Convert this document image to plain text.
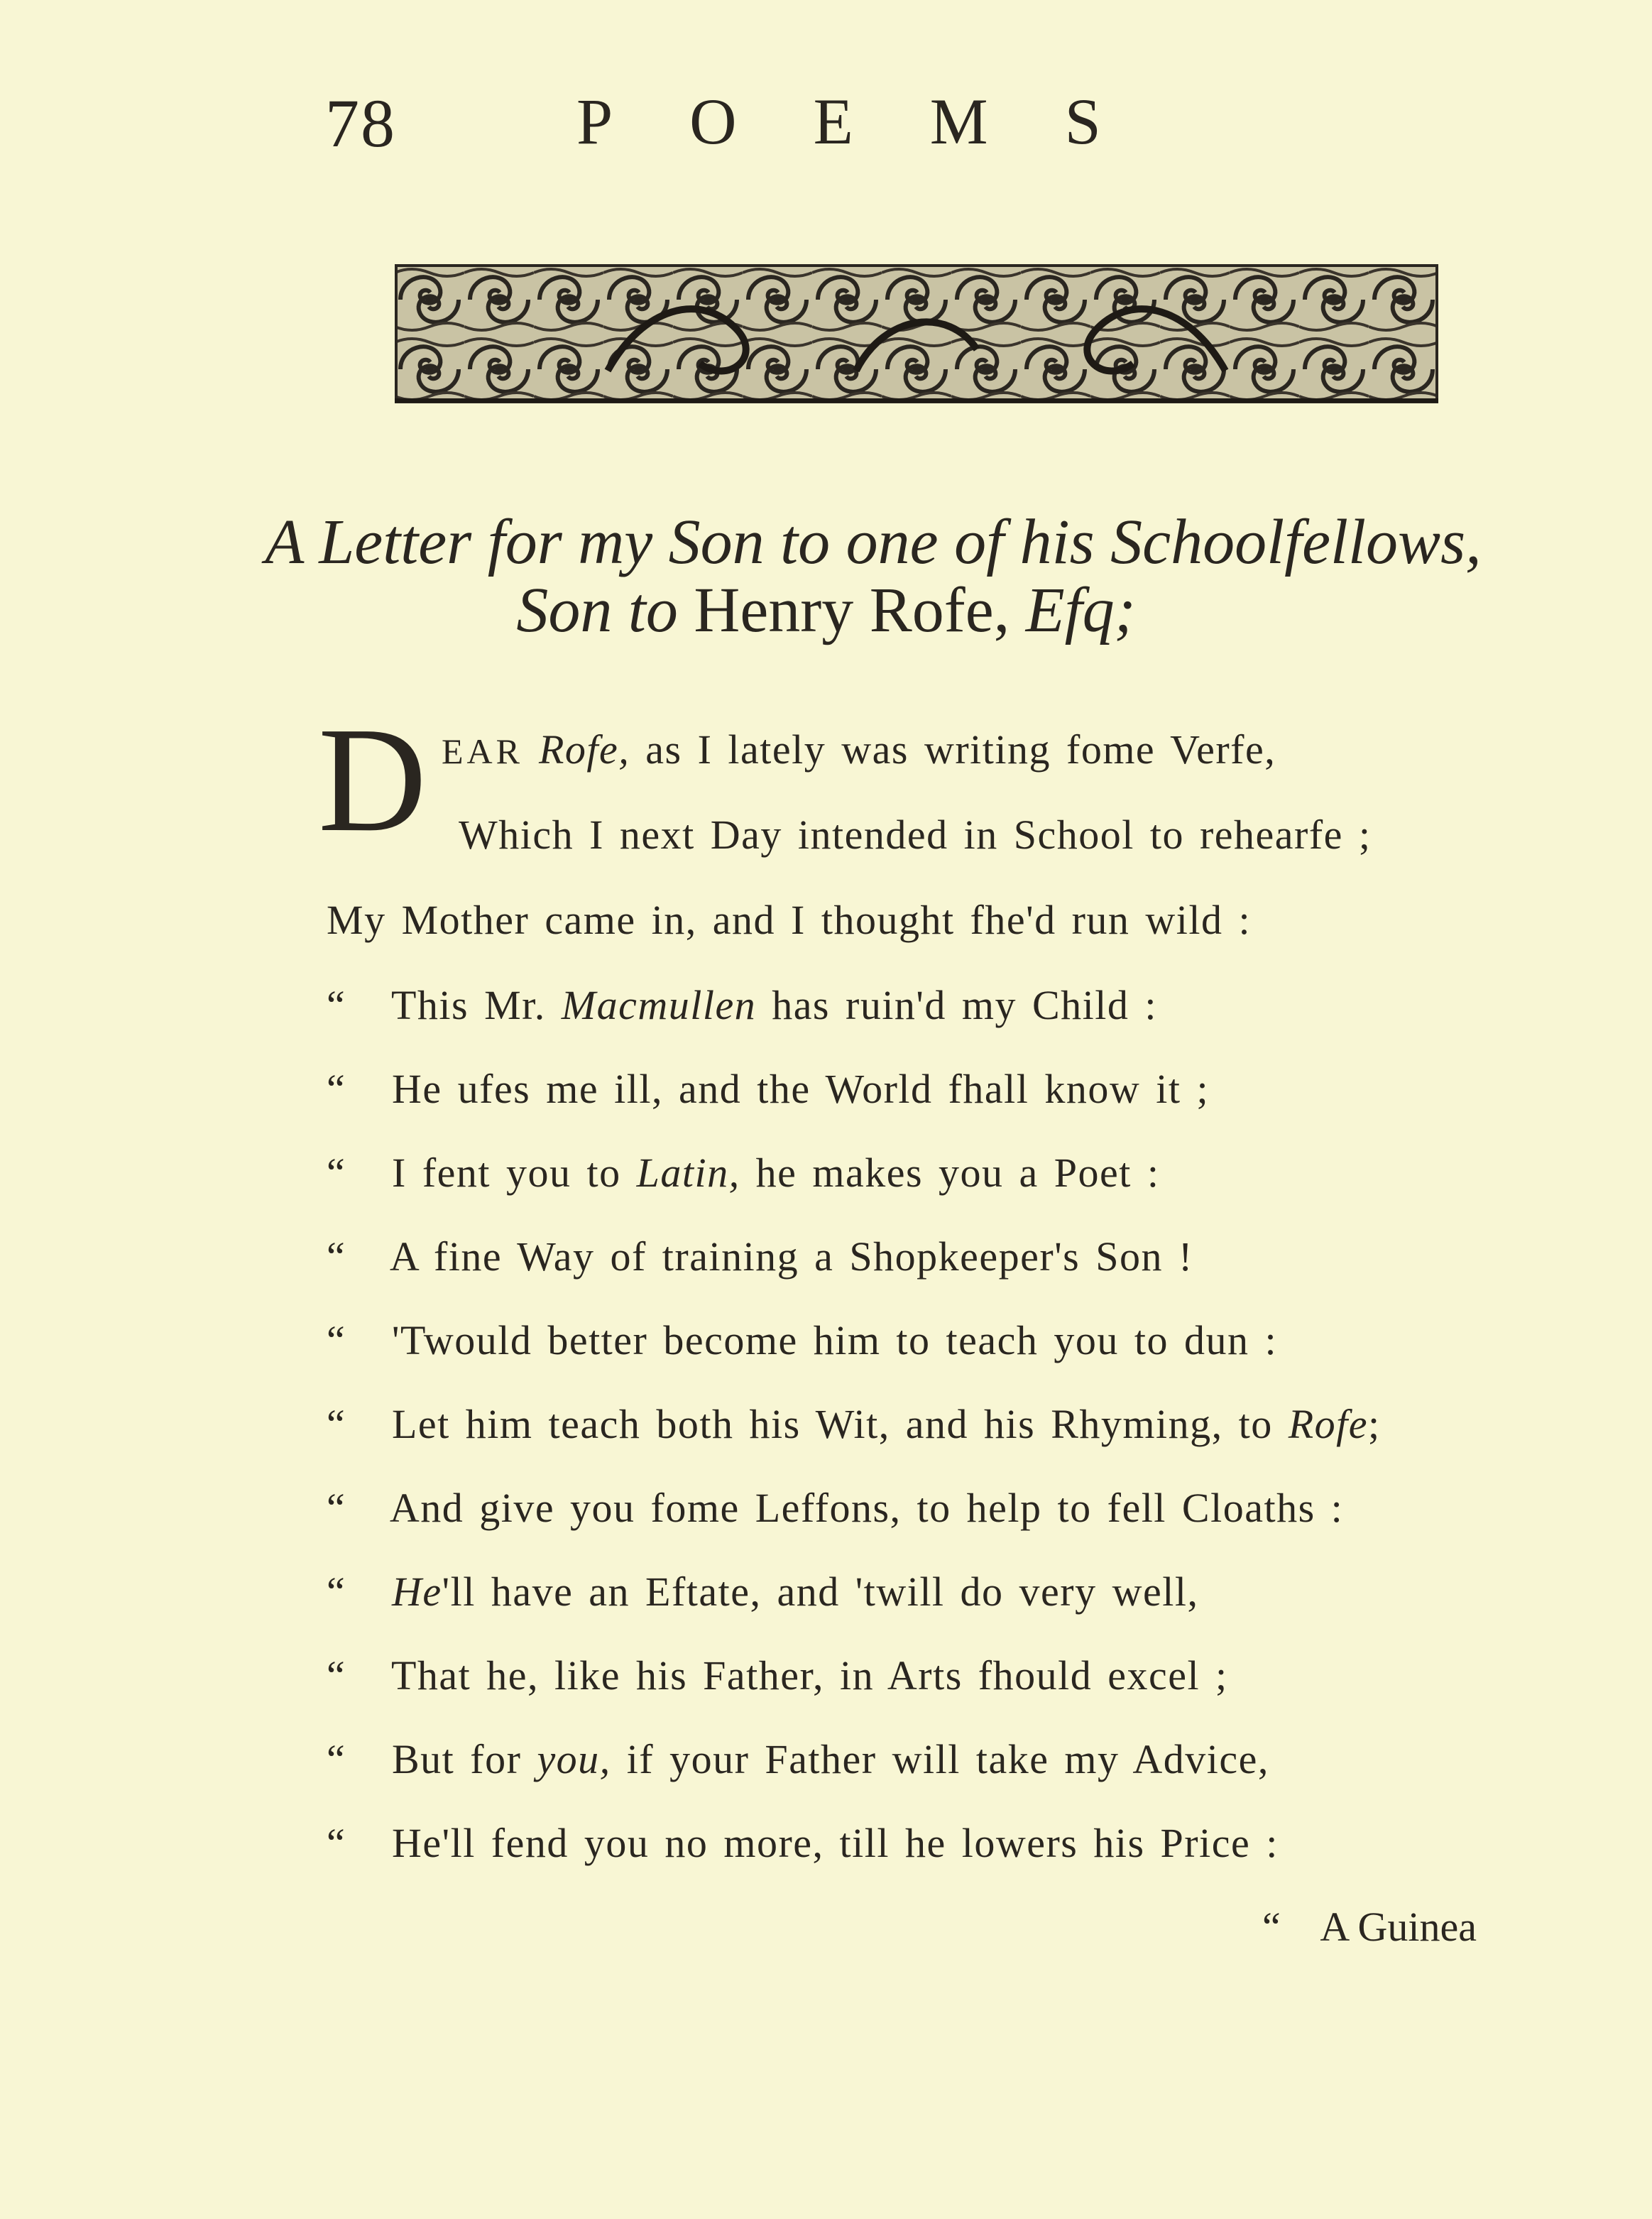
78	POEMS
A Letter for my Son to one of his Schoolfellows,
Son to Henry Rofe, Efq;
D EAR Rofe, as I lately was writing fome Verfe,
Which I next Day intended in School to rehearfe ;
My Mother came in, and I thought fhe'd run wild :
“ This Mr. Macmullen has ruin'd my Child :
“ He ufes me ill, and the World fhall know it ;
“ I fent you to Latin, he makes you a Poet :
“ A fine Way of training a Shopkeeper's Son !
“ 'Twould better become him to teach you to dun :
“ Let him teach both his Wit, and his Rhyming, to Rofe;
“ And give you fome Leffons, to help to fell Cloaths :
“ He'll have an Eftate, and 'twill do very well,
“ That he, like his Father, in Arts fhould excel ;
“ But for you, if your Father will take my Advice,
“ He'll fend you no more, till he lowers his Price :
“ A Guinea
